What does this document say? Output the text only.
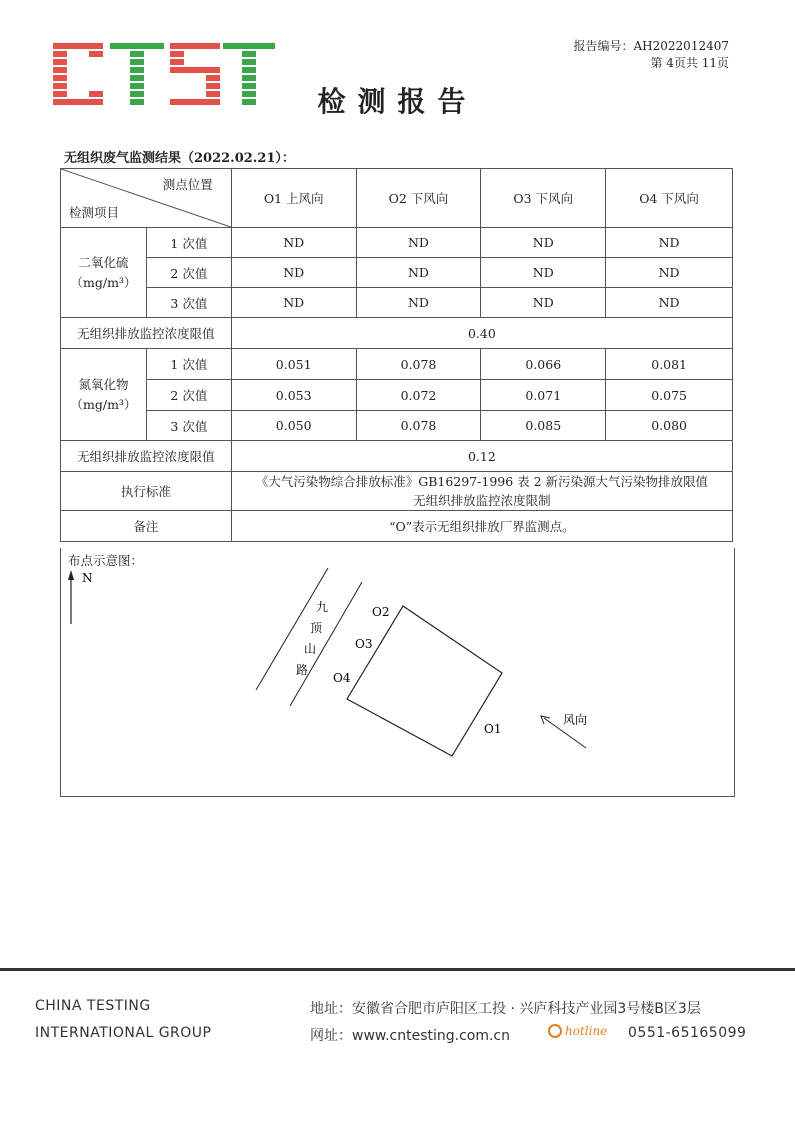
报告编号：AH2022012407
第 4页共 11页
检测报告
无组织废气监测结果（2022.02.21）：
测点位置
检测项目		O1 上风向	O2 下风向	O3 下风向	O4 下风向

二氧化硫
（mg/m³）	1 次值	ND	ND	ND	ND
	2 次值	ND	ND	ND	ND
	3 次值	ND	ND	ND	ND
无组织排放监控浓度限值		0.40			

氮氧化物
（mg/m³）	1 次值	0.051	0.078	0.066	0.081
	2 次值	0.053	0.072	0.071	0.075
	3 次值	0.050	0.078	0.085	0.080
无组织排放监控浓度限值		0.12			
执行标准		《大气污染物综合排放标准》GB16297-1996 表 2 新污染源大气污染物排放限值
无组织排放监控浓度限制			

备注		“O”表示无组织排放厂界监测点。			
布点示意图：
N
九
顶
山
路
O2
O3
O4
O1
风向
CHINA TESTING
INTERNATIONAL GROUP
地址：安徽省合肥市庐阳区工投 · 兴庐科技产业园3号楼B区3层
网址：www.cntesting.com.cn	hotline 0551-65165099
